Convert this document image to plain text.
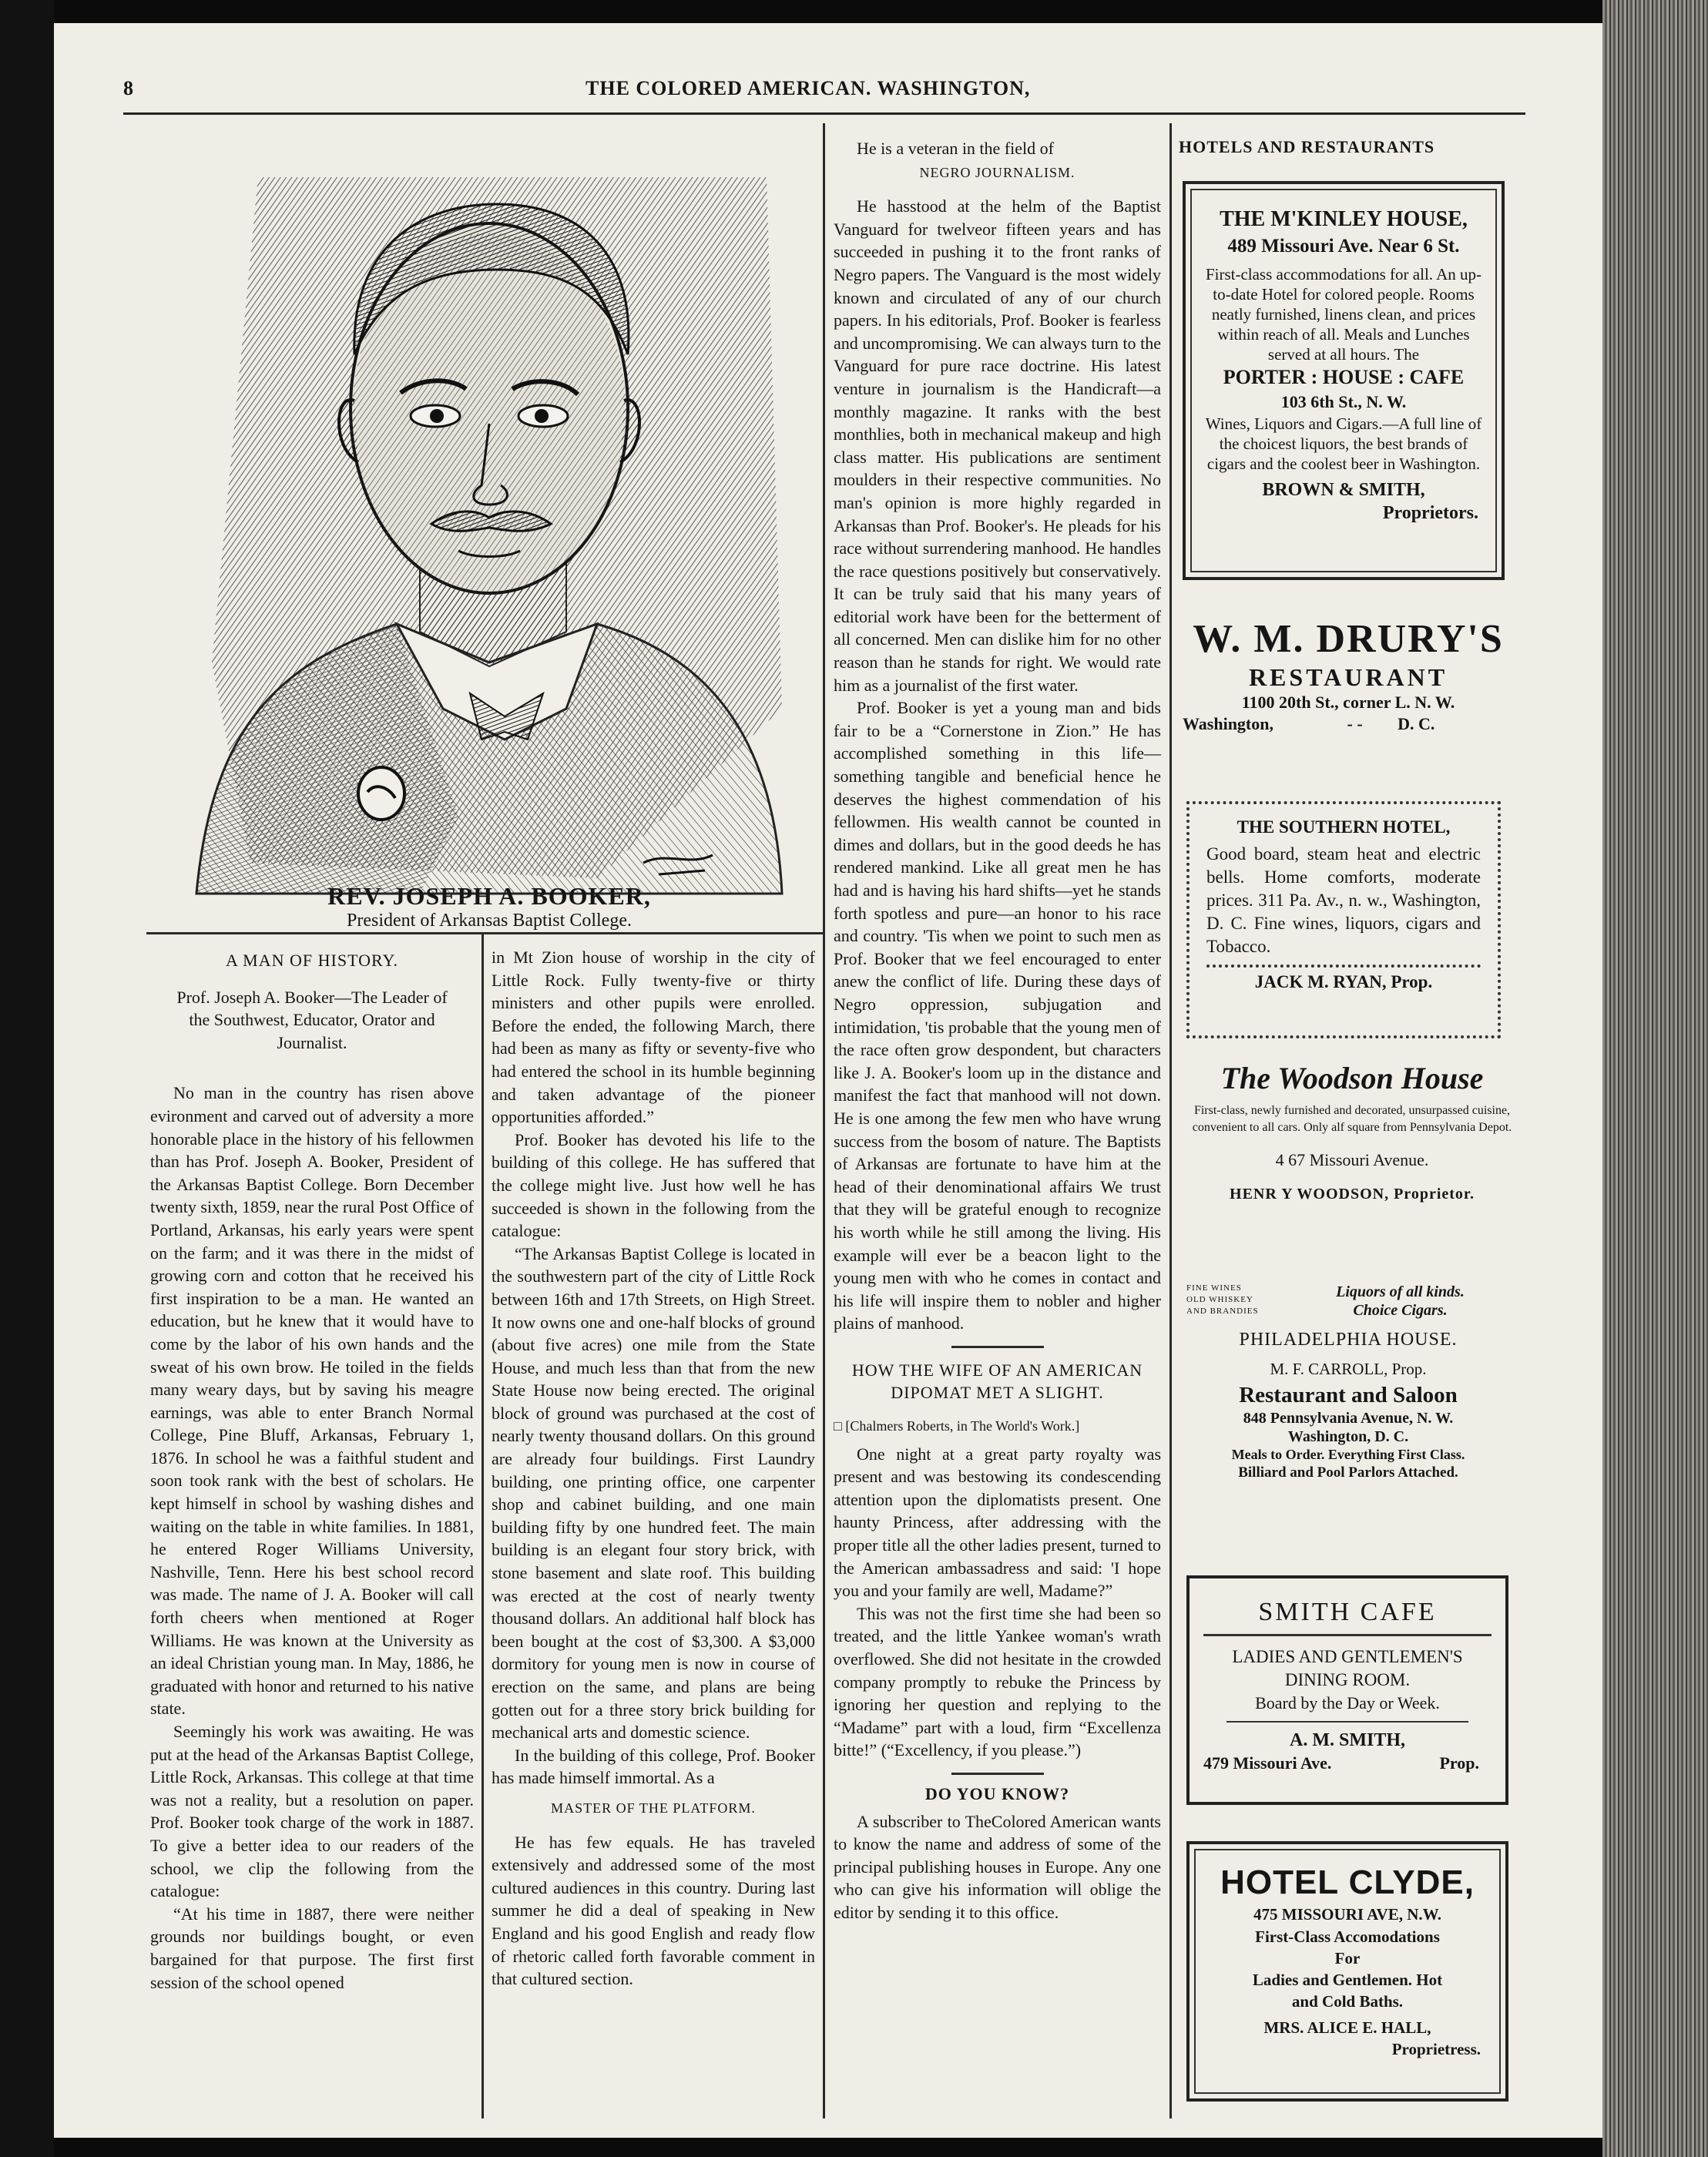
8	THE COLORED AMERICAN. WASHINGTON,
REV. JOSEPH A. BOOKER,
President of Arkansas Baptist College.
A MAN OF HISTORY.
Prof. Joseph A. Booker—The Leader of the Southwest, Educator, Orator and Journalist.

No man in the country has risen above evironment and carved out of adversity a more honorable place in the history of his fellowmen than has Prof. Joseph A. Booker, President of the Arkansas Baptist College. Born December twenty sixth, 1859, near the rural Post Office of Portland, Arkansas, his early years were spent on the farm; and it was there in the midst of growing corn and cotton that he received his first inspiration to be a man. He wanted an education, but he knew that it would have to come by the labor of his own hands and the sweat of his own brow. He toiled in the fields many weary days, but by saving his meagre earnings, was able to enter Branch Normal College, Pine Bluff, Arkansas, February 1, 1876. In school he was a faithful student and soon took rank with the best of scholars. He kept himself in school by washing dishes and waiting on the table in white families. In 1881, he entered Roger Williams University, Nashville, Tenn. Here his best school record was made. The name of J. A. Booker will call forth cheers when mentioned at Roger Williams. He was known at the University as an ideal Christian young man. In May, 1886, he graduated with honor and returned to his native state.

Seemingly his work was awaiting. He was put at the head of the Arkansas Baptist College, Little Rock, Arkansas. This college at that time was not a reality, but a resolution on paper. Prof. Booker took charge of the work in 1887. To give a better idea to our readers of the school, we clip the following from the catalogue:

“At his time in 1887, there were neither grounds nor buildings bought, or even bargained for that purpose. The first first session of the school opened

in Mt Zion house of worship in the city of Little Rock. Fully twenty-five or thirty ministers and other pupils were enrolled. Before the ended, the following March, there had been as many as fifty or seventy-five who had entered the school in its humble beginning and taken advantage of the pioneer opportunities afforded.”

Prof. Booker has devoted his life to the building of this college. He has suffered that the college might live. Just how well he has succeeded is shown in the following from the catalogue:

“The Arkansas Baptist College is located in the southwestern part of the city of Little Rock between 16th and 17th Streets, on High Street. It now owns one and one-half blocks of ground (about five acres) one mile from the State House, and much less than that from the new State House now being erected. The original block of ground was purchased at the cost of nearly twenty thousand dollars. On this ground are already four buildings. First Laundry building, one printing office, one carpenter shop and cabinet building, and one main building fifty by one hundred feet. The main building is an elegant four story brick, with stone basement and slate roof. This building was erected at the cost of nearly twenty thousand dollars. An additional half block has been bought at the cost of $3,300. A $3,000 dormitory for young men is now in course of erection on the same, and plans are being gotten out for a three story brick building for mechanical arts and domestic science.

In the building of this college, Prof. Booker has made himself immortal. As a

MASTER OF THE PLATFORM.

He has few equals. He has traveled extensively and addressed some of the most cultured audiences in this country. During last summer he did a deal of speaking in New England and his good English and ready flow of rhetoric called forth favorable comment in that cultured section.

He is a veteran in the field of

NEGRO JOURNALISM.

He hasstood at the helm of the Baptist Vanguard for twelveor fifteen years and has succeeded in pushing it to the front ranks of Negro papers. The Vanguard is the most widely known and circulated of any of our church papers. In his editorials, Prof. Booker is fearless and uncompromising. We can always turn to the Vanguard for pure race doctrine. His latest venture in journalism is the Handicraft—a monthly magazine. It ranks with the best monthlies, both in mechanical makeup and high class matter. His publications are sentiment moulders in their respective communities. No man's opinion is more highly regarded in Arkansas than Prof. Booker's. He pleads for his race without surrendering manhood. He handles the race questions positively but conservatively. It can be truly said that his many years of editorial work have been for the betterment of all concerned. Men can dislike him for no other reason than he stands for right. We would rate him as a journalist of the first water.

Prof. Booker is yet a young man and bids fair to be a “Cornerstone in Zion.” He has accomplished something in this life—something tangible and beneficial hence he deserves the highest commendation of his fellowmen. His wealth cannot be counted in dimes and dollars, but in the good deeds he has rendered mankind. Like all great men he has had and is having his hard shifts—yet he stands forth spotless and pure—an honor to his race and country. 'Tis when we point to such men as Prof. Booker that we feel encouraged to enter anew the conflict of life. During these days of Negro oppression, subjugation and intimidation, 'tis probable that the young men of the race often grow despondent, but characters like J. A. Booker's loom up in the distance and manifest the fact that manhood will not down. He is one among the few men who have wrung success from the bosom of nature. The Baptists of Arkansas are fortunate to have him at the head of their denominational affairs We trust that they will be grateful enough to recognize his worth while he still among the living. His example will ever be a beacon light to the young men with who he comes in contact and his life will inspire them to nobler and higher plains of manhood.

HOW THE WIFE OF AN AMERICAN DIPOMAT MET A SLIGHT.
□ [Chalmers Roberts, in The World's Work.]

One night at a great party royalty was present and was bestowing its condescending attention upon the diplomatists present. One haunty Princess, after addressing with the proper title all the other ladies present, turned to the American ambassadress and said: 'I hope you and your family are well, Madame?”

This was not the first time she had been so treated, and the little Yankee woman's wrath overflowed. She did not hesitate in the crowded company promptly to rebuke the Princess by ignoring her question and replying to the “Madame” part with a loud, firm “Excellenza bitte!” (“Excellency, if you please.”)

DO YOU KNOW?

A subscriber to TheColored American wants to know the name and address of some of the principal publishing houses in Europe. Any one who can give his information will oblige the editor by sending it to this office.

HOTELS AND RESTAURANTS
THE M'KINLEY HOUSE,
489 Missouri Ave. Near 6 St.
First-class accommodations for all. An up-to-date Hotel for colored people. Rooms neatly furnished, linens clean, and prices within reach of all. Meals and Lunches served at all hours. The
PORTER : HOUSE : CAFE
103 6th St., N. W.
Wines, Liquors and Cigars.—A full line of the choicest liquors, the best brands of cigars and the coolest beer in Washington.
BROWN & SMITH,
Proprietors.
W. M. DRURY'S
RESTAURANT
1100 20th St., corner L. N. W.
Washington,	- - D. C.
THE SOUTHERN HOTEL,
Good board, steam heat and electric bells. Home comforts, moderate prices. 311 Pa. Av., n. w., Washington, D. C. Fine wines, liquors, cigars and Tobacco.
JACK M. RYAN, Prop.
The Woodson House
First-class, newly furnished and decorated, unsurpassed cuisine, convenient to all cars. Only alf square from Pennsylvania Depot.
4 67 Missouri Avenue.
HENR Y WOODSON, Proprietor.
FINE WINES
OLD WHISKEY
AND BRANDIES
Liquors of all kinds.
Choice Cigars.
PHILADELPHIA HOUSE.
M. F. CARROLL, Prop.
Restaurant and Saloon
848 Pennsylvania Avenue, N. W.
Washington, D. C.
Meals to Order. Everything First Class.
Billiard and Pool Parlors Attached.
SMITH CAFE
LADIES AND GENTLEMEN'S
DINING ROOM.
Board by the Day or Week.
A. M. SMITH,
479 Missouri Ave.	Prop.
HOTEL CLYDE,
475 MISSOURI AVE, N.W.
First-Class Accomodations
For
Ladies and Gentlemen. Hot
and Cold Baths.
MRS. ALICE E. HALL,
Proprietress.
